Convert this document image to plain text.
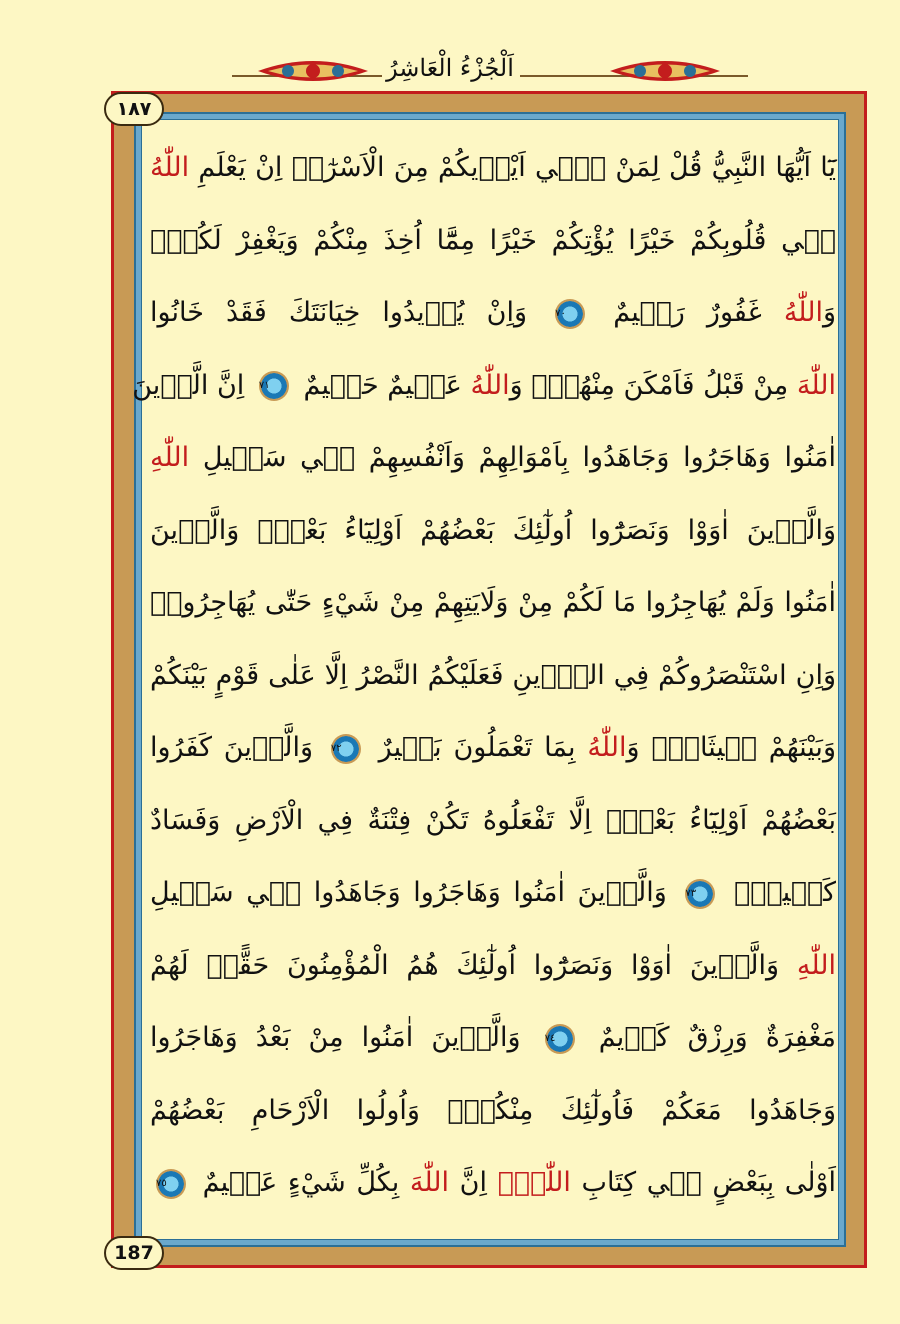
اَلْجُزْءُ الْعَاشِرُ
١٨٧
187
يَٓا اَيُّهَا النَّبِيُّ قُلْ لِمَنْ فٖٓي اَيْدٖيكُمْ مِنَ الْاَسْرٰٓىۙ اِنْ يَعْلَمِ اللّٰهُ
فٖي قُلُوبِكُمْ خَيْرًا يُؤْتِكُمْ خَيْرًا مِمَّٓا اُخِذَ مِنْكُمْ وَيَغْفِرْ لَكُمْۜ
وَاللّٰهُ غَفُورٌ رَحٖيمٌ ٧٠ وَاِنْ يُرٖيدُوا خِيَانَتَكَ فَقَدْ خَانُوا
اللّٰهَ مِنْ قَبْلُ فَاَمْكَنَ مِنْهُمْۜ وَاللّٰهُ عَلٖيمٌ حَكٖيمٌ ٧١ اِنَّ الَّذٖينَ
اٰمَنُوا وَهَاجَرُوا وَجَاهَدُوا بِاَمْوَالِهِمْ وَاَنْفُسِهِمْ فٖي سَبٖيلِ اللّٰهِ
وَالَّذٖينَ اٰوَوْا وَنَصَرُٓوا اُولٰٓئِكَ بَعْضُهُمْ اَوْلِيَٓاءُ بَعْضٍۜ وَالَّذٖينَ
اٰمَنُوا وَلَمْ يُهَاجِرُوا مَا لَكُمْ مِنْ وَلَايَتِهِمْ مِنْ شَيْءٍ حَتّٰى يُهَاجِرُواۚ
وَاِنِ اسْتَنْصَرُوكُمْ فِي الدّٖينِ فَعَلَيْكُمُ النَّصْرُ اِلَّا عَلٰى قَوْمٍ بَيْنَكُمْ
وَبَيْنَهُمْ مٖيثَاقٌۜ وَاللّٰهُ بِمَا تَعْمَلُونَ بَصٖيرٌ ٧٢ وَالَّذٖينَ كَفَرُوا
بَعْضُهُمْ اَوْلِيَٓاءُ بَعْضٍۜ اِلَّا تَفْعَلُوهُ تَكُنْ فِتْنَةٌ فِي الْاَرْضِ وَفَسَادٌ
كَبٖيرٌۜ ٧٣ وَالَّذٖينَ اٰمَنُوا وَهَاجَرُوا وَجَاهَدُوا فٖي سَبٖيلِ
اللّٰهِ وَالَّذٖينَ اٰوَوْا وَنَصَرُٓوا اُولٰٓئِكَ هُمُ الْمُؤْمِنُونَ حَقًّاۜ لَهُمْ
مَغْفِرَةٌ وَرِزْقٌ كَرٖيمٌ ٧٤ وَالَّذٖينَ اٰمَنُوا مِنْ بَعْدُ وَهَاجَرُوا
وَجَاهَدُوا مَعَكُمْ فَاُولٰٓئِكَ مِنْكُمْۜ وَاُولُوا الْاَرْحَامِ بَعْضُهُمْ
اَوْلٰى بِبَعْضٍ فٖي كِتَابِ اللّٰهِۜ اِنَّ اللّٰهَ بِكُلِّ شَيْءٍ عَلٖيمٌ ٧٥
